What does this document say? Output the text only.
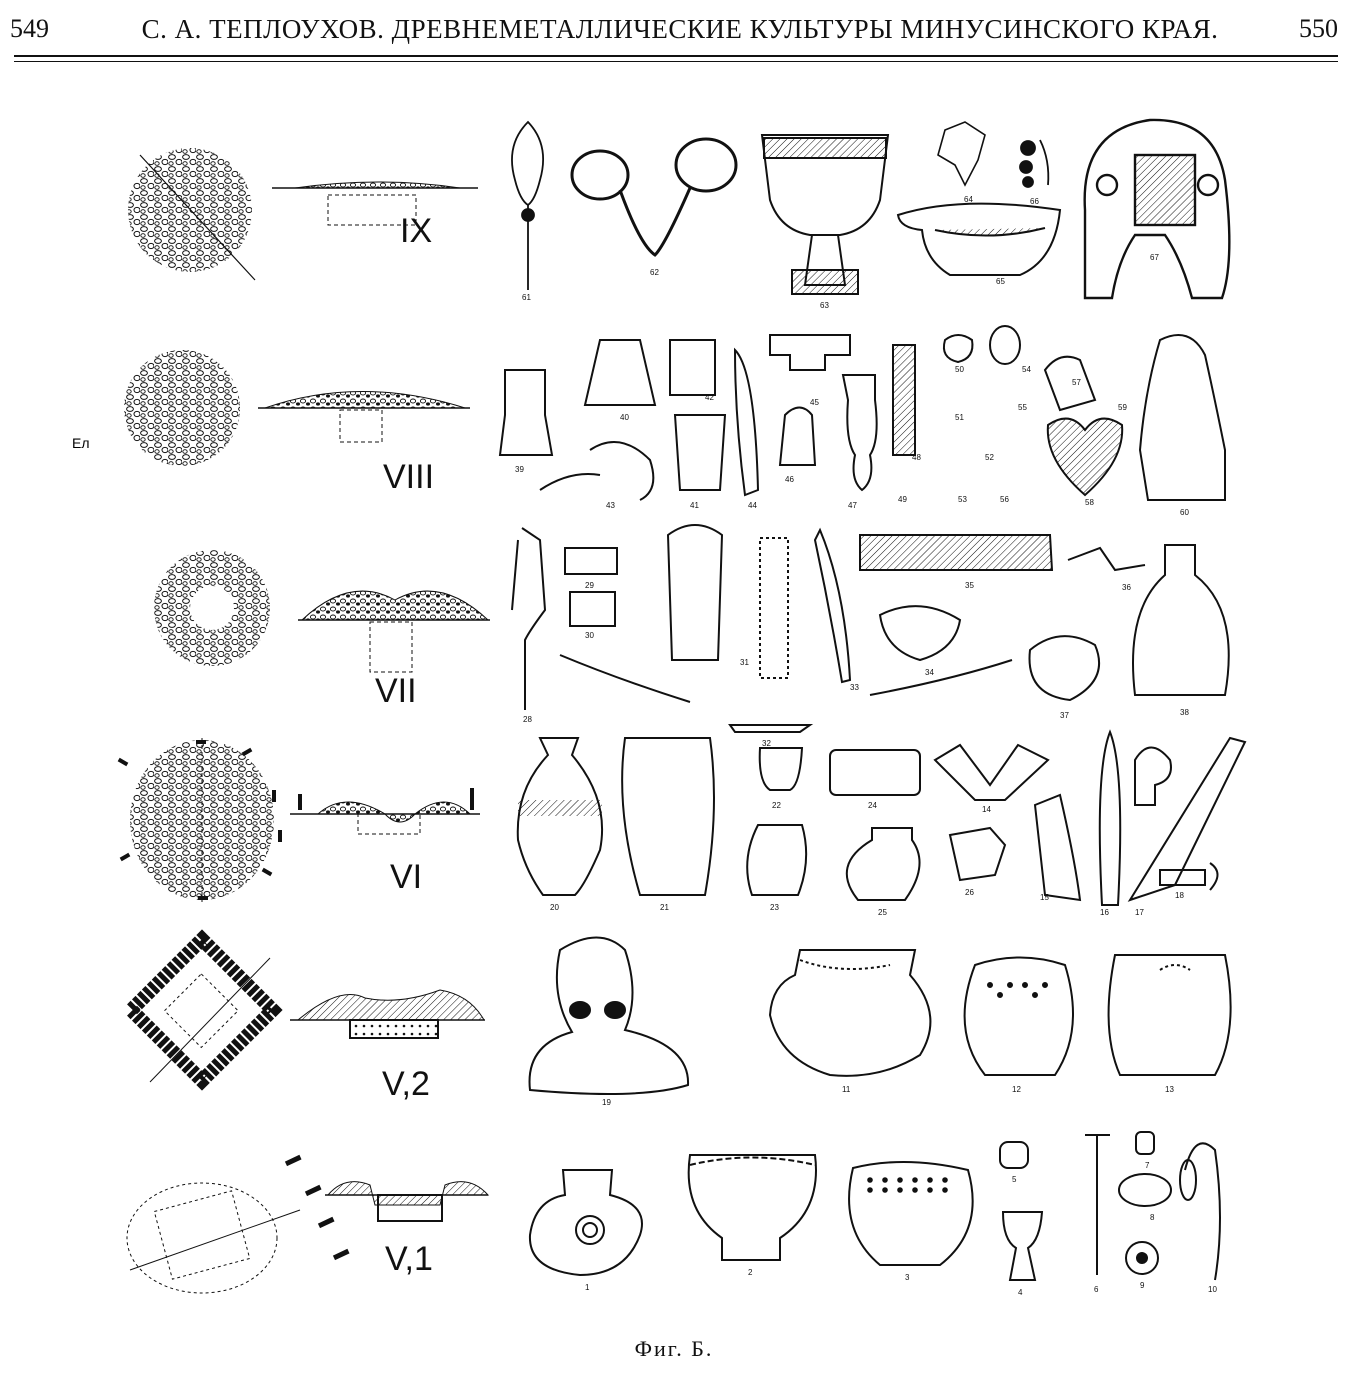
549	С. А. ТЕПЛОУХОВ. ДРЕВНЕМЕТАЛЛИЧЕСКИЕ КУЛЬТУРЫ МИНУСИНСКОГО КРАЯ.	550
IX
61
62
63
64
65
66
67
VIII
Ел
39
40
41
42
43	44
45
46
47
48
49
50
51
52
53
54
55
56
57
58
59
60
VII
28
29
30
31
32
33
34
35	36
37	38
VI
20	21
22
23
24
25
14
26
15
16	17
18
V,2	19
11	12	13
V,1
1
2
3
4
5
6
7
8
9	10
Фиг. Б.
